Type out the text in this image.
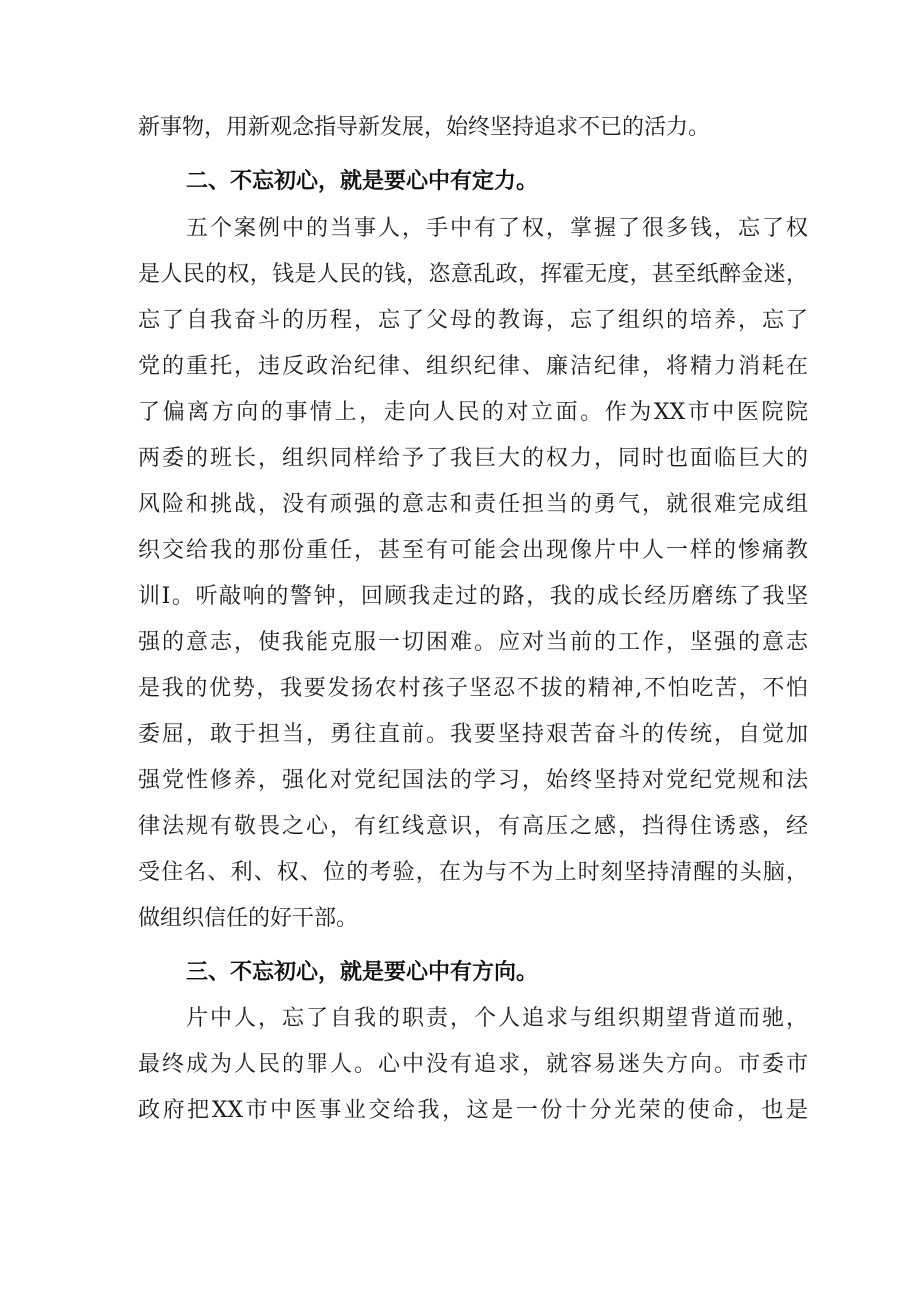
新事物，用新观念指导新发展，始终坚持追求不已的活力。

二、不忘初心，就是要心中有定力。

五个案例中的当事人，手中有了权，掌握了很多钱，忘了权

是人民的权，钱是人民的钱，恣意乱政，挥霍无度，甚至纸醉金迷，

忘了自我奋斗的历程，忘了父母的教诲，忘了组织的培养，忘了

党的重托，违反政治纪律、组织纪律、廉洁纪律，将精力消耗在

了偏离方向的事情上，走向人民的对立面。作为XX市中医院院

两委的班长，组织同样给予了我巨大的权力，同时也面临巨大的

风险和挑战，没有顽强的意志和责任担当的勇气，就很难完成组

织交给我的那份重任，甚至有可能会出现像片中人一样的惨痛教

训I。听敲响的警钟，回顾我走过的路，我的成长经历磨练了我坚

强的意志，使我能克服一切困难。应对当前的工作，坚强的意志

是我的优势，我要发扬农村孩子坚忍不拔的精神,不怕吃苦，不怕

委屈，敢于担当，勇往直前。我要坚持艰苦奋斗的传统，自觉加

强党性修养，强化对党纪国法的学习，始终坚持对党纪党规和法

律法规有敬畏之心，有红线意识，有高压之感，挡得住诱惑，经

受住名、利、权、位的考验，在为与不为上时刻坚持清醒的头脑，

做组织信任的好干部。

三、不忘初心，就是要心中有方向。

片中人，忘了自我的职责，个人追求与组织期望背道而驰，

最终成为人民的罪人。心中没有追求，就容易迷失方向。市委市

政府把XX市中医事业交给我，这是一份十分光荣的使命，也是
